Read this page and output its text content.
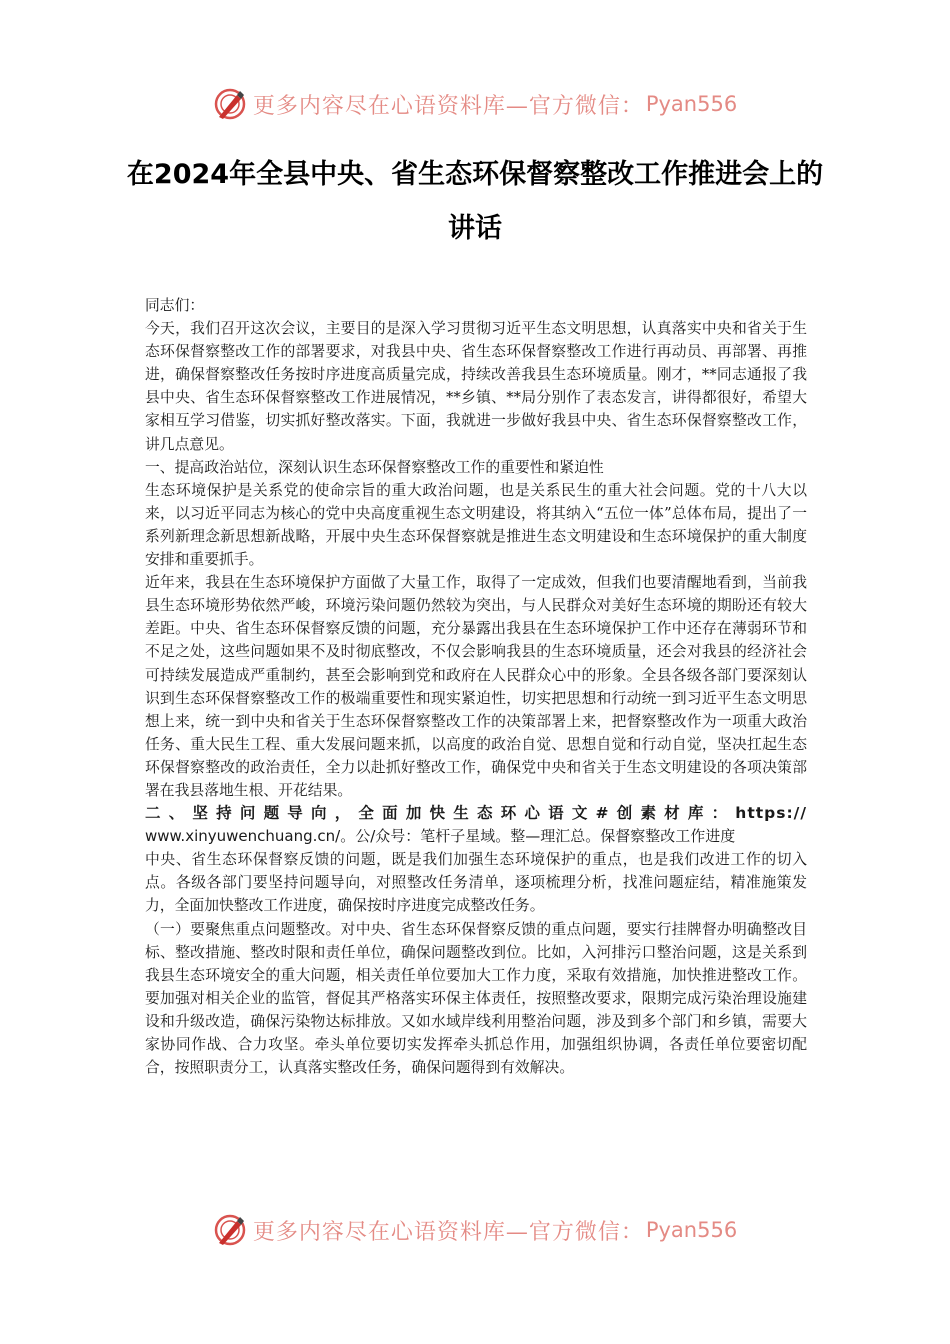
更多内容尽在心语资料库—官方微信： Pyan556
在2024年全县中央、省生态环保督察整改工作推进会上的讲话

同志们：

今天，我们召开这次会议，主要目的是深入学习贯彻习近平生态文明思想，认真落实中央和省关于生态环保督察整改工作的部署要求，对我县中央、省生态环保督察整改工作进行再动员、再部署、再推进，确保督察整改任务按时序进度高质量完成，持续改善我县生态环境质量。刚才，**同志通报了我县中央、省生态环保督察整改工作进展情况，**乡镇、**局分别作了表态发言，讲得都很好，希望大家相互学习借鉴，切实抓好整改落实。下面，我就进一步做好我县中央、省生态环保督察整改工作，讲几点意见。

一、提高政治站位，深刻认识生态环保督察整改工作的重要性和紧迫性

生态环境保护是关系党的使命宗旨的重大政治问题，也是关系民生的重大社会问题。党的十八大以来，以习近平同志为核心的党中央高度重视生态文明建设，将其纳入“五位一体”总体布局，提出了一系列新理念新思想新战略，开展中央生态环保督察就是推进生态文明建设和生态环境保护的重大制度安排和重要抓手。

近年来，我县在生态环境保护方面做了大量工作，取得了一定成效，但我们也要清醒地看到，当前我县生态环境形势依然严峻，环境污染问题仍然较为突出，与人民群众对美好生态环境的期盼还有较大差距。中央、省生态环保督察反馈的问题，充分暴露出我县在生态环境保护工作中还存在薄弱环节和不足之处，这些问题如果不及时彻底整改，不仅会影响我县的生态环境质量，还会对我县的经济社会可持续发展造成严重制约，甚至会影响到党和政府在人民群众心中的形象。全县各级各部门要深刻认识到生态环保督察整改工作的极端重要性和现实紧迫性，切实把思想和行动统一到习近平生态文明思想上来，统一到中央和省关于生态环保督察整改工作的决策部署上来，把督察整改作为一项重大政治任务、重大民生工程、重大发展问题来抓，以高度的政治自觉、思想自觉和行动自觉，坚决扛起生态环保督察整改的政治责任，全力以赴抓好整改工作，确保党中央和省关于生态文明建设的各项决策部署在我县落地生根、开花结果。

二、坚持问题导向，全面加快生态环心语文#创素材库：https://

www.xinyuwenchuang.cn/。公/众号：笔杆子星域。整—理汇总。保督察整改工作进度

中央、省生态环保督察反馈的问题，既是我们加强生态环境保护的重点，也是我们改进工作的切入点。各级各部门要坚持问题导向，对照整改任务清单，逐项梳理分析，找准问题症结，精准施策发力，全面加快整改工作进度，确保按时序进度完成整改任务。

（一）要聚焦重点问题整改。对中央、省生态环保督察反馈的重点问题，要实行挂牌督办明确整改目标、整改措施、整改时限和责任单位，确保问题整改到位。比如，入河排污口整治问题，这是关系到我县生态环境安全的重大问题，相关责任单位要加大工作力度，采取有效措施，加快推进整改工作。要加强对相关企业的监管，督促其严格落实环保主体责任，按照整改要求，限期完成污染治理设施建设和升级改造，确保污染物达标排放。又如水域岸线利用整治问题，涉及到多个部门和乡镇，需要大家协同作战、合力攻坚。牵头单位要切实发挥牵头抓总作用，加强组织协调，各责任单位要密切配合，按照职责分工，认真落实整改任务，确保问题得到有效解决。

更多内容尽在心语资料库—官方微信： Pyan556
